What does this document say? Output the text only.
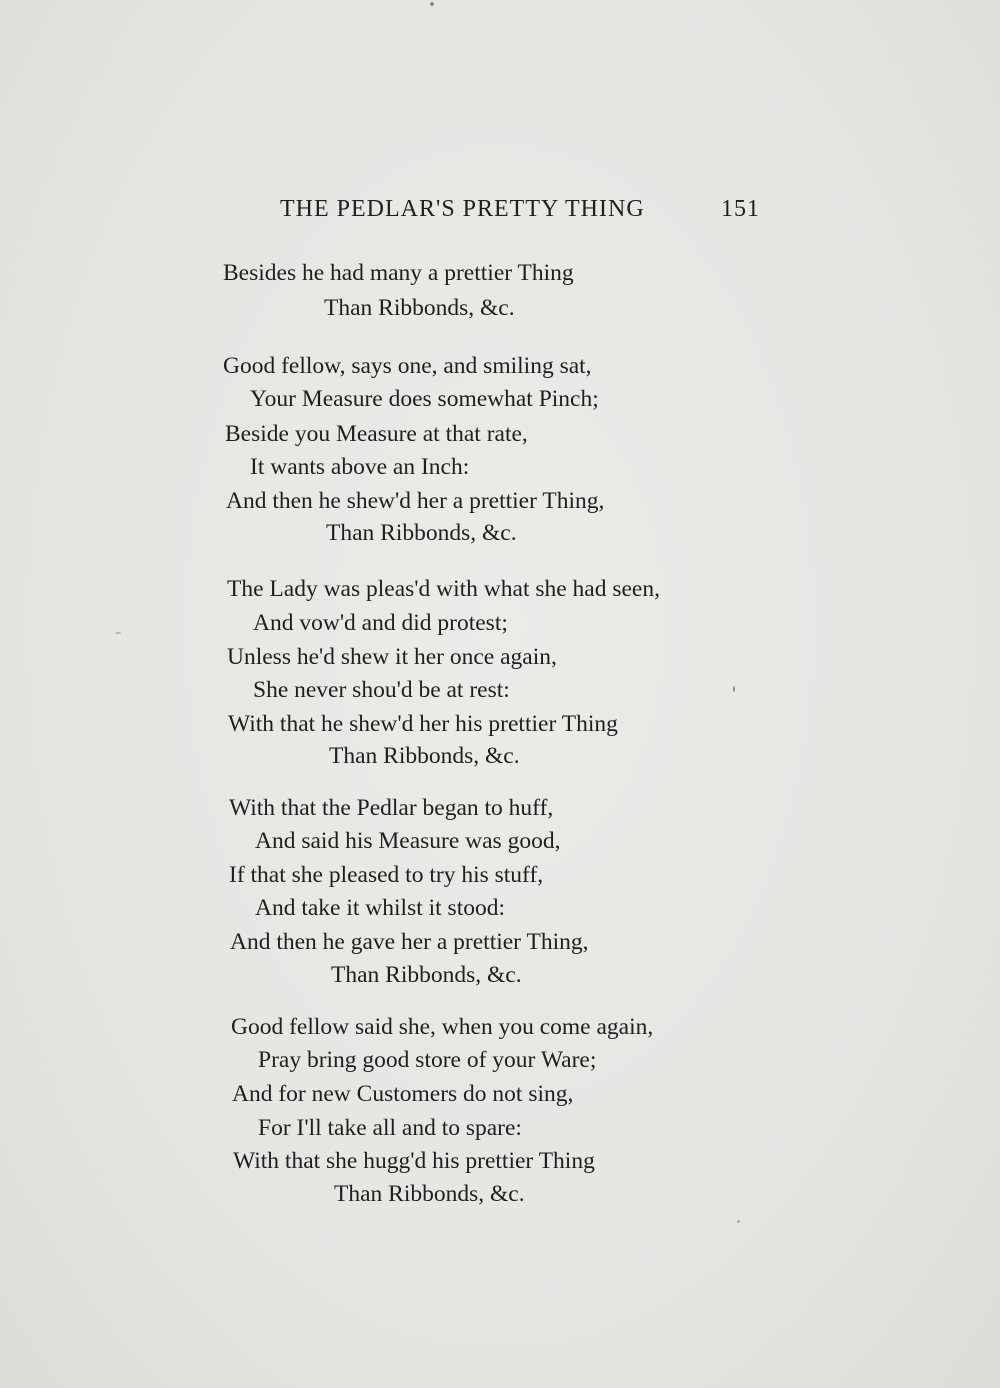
THE PEDLAR'S PRETTY THING	151
Besides he had many a prettier Thing
Than Ribbonds, &c.
Good fellow, says one, and smiling sat,
Your Measure does somewhat Pinch;
Beside you Measure at that rate,
It wants above an Inch:
And then he shew'd her a prettier Thing,
Than Ribbonds, &c.
The Lady was pleas'd with what she had seen,
And vow'd and did protest;
Unless he'd shew it her once again,
She never shou'd be at rest:
With that he shew'd her his prettier Thing
Than Ribbonds, &c.
With that the Pedlar began to huff,
And said his Measure was good,
If that she pleased to try his stuff,
And take it whilst it stood:
And then he gave her a prettier Thing,
Than Ribbonds, &c.
Good fellow said she, when you come again,
Pray bring good store of your Ware;
And for new Customers do not sing,
For I'll take all and to spare:
With that she hugg'd his prettier Thing
Than Ribbonds, &c.
